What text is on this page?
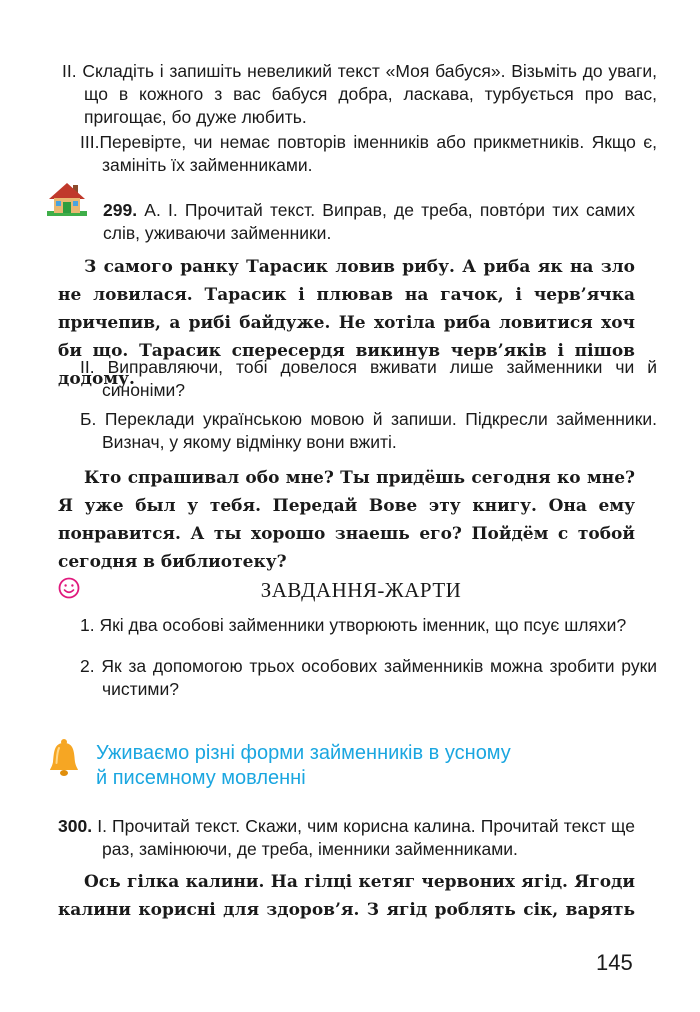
ІІ. Складіть і запишіть невеликий текст «Моя бабуся». Візьміть до уваги, що в кожного з вас бабуся добра, ласкава, турбується про вас, пригощає, бо дуже любить.
ІІІ.Перевірте, чи немає повторів іменників або прикметників. Якщо є, замініть їх займенниками.
299. А. І. Прочитай текст. Виправ, де треба, повто́ри тих самих слів, уживаючи займенники.
З самого ранку Тарасик ловив рибу. А риба як на зло не ловилася. Тарасик і плював на гачок, і черв’ячка причепив, а рибі байдуже. Не хотіла риба ловитися хоч би що. Тарасик спересердя викинув черв’яків і пішов додому.
ІІ. Виправляючи, тобі довелося вживати лише займенники чи й синоніми?
Б. Переклади українською мовою й запиши. Підкресли займенники. Визнач, у якому відмінку вони вжиті.
Кто спрашивал обо мне? Ты придёшь сегодня ко мне? Я уже был у тебя. Передай Вове эту книгу. Она ему понравится. А ты хорошо знаешь его? Пойдём с тобой сегодня в библиотеку?
ЗАВДАННЯ-ЖАРТИ
1. Які два особові займенники утворюють іменник, що псує шляхи?
2. Як за допомогою трьох особових займенників можна зробити руки чистими?
Уживаємо різні форми займенників в усному
й писемному мовленні
300. І. Прочитай текст. Скажи, чим корисна калина. Прочитай текст ще раз, замінюючи, де треба, іменники займенниками.
Ось гілка калини. На гілці кетяг червоних ягід. Ягоди калини корисні для здоров’я. З ягід роблять сік, варять
145
